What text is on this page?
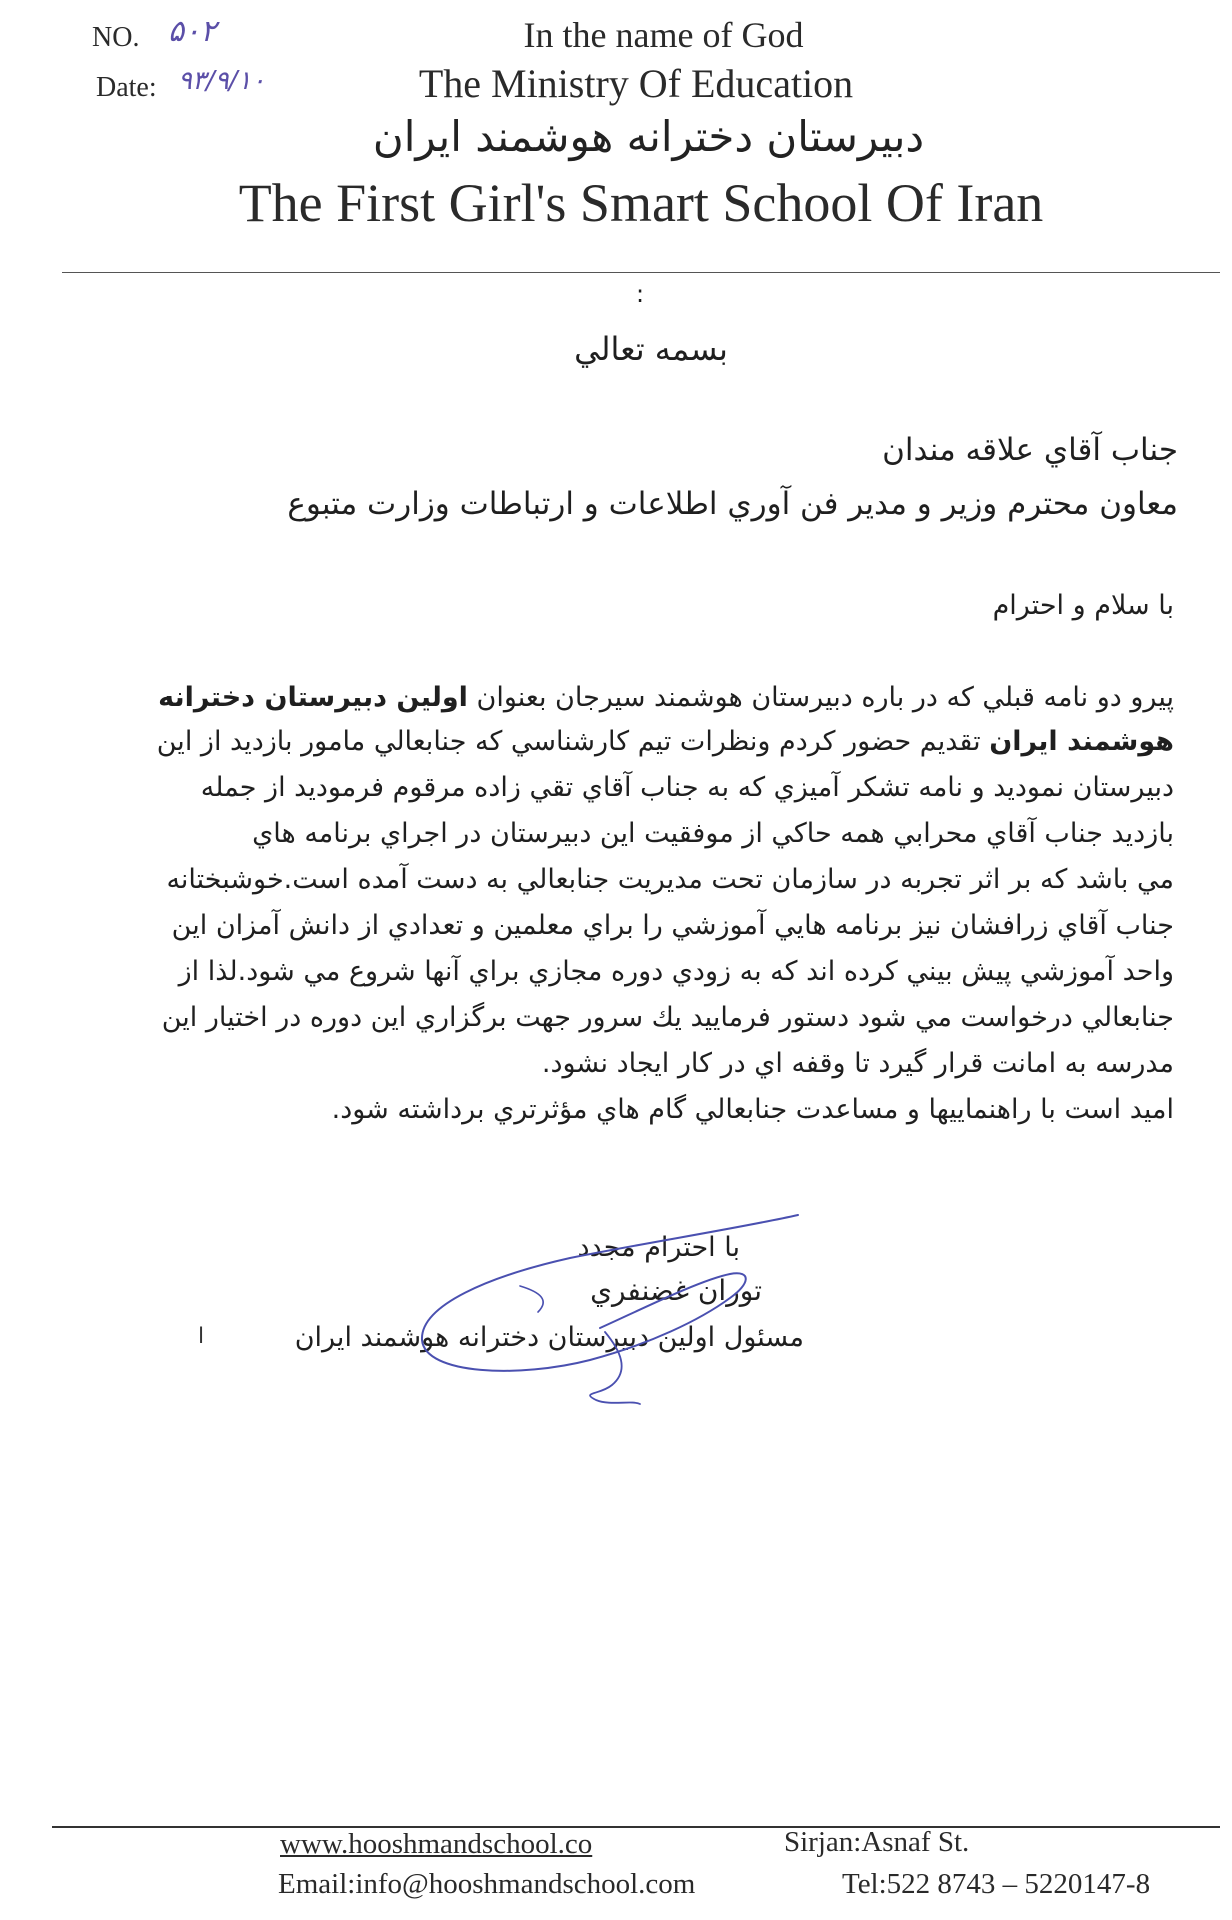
NO. ۵۰۲
Date: ۹۳/۹/۱۰
In the name of God
The Ministry Of Education
دبیرستان دخترانه هوشمند ایران
The First Girl's Smart School Of Iran
:
بسمه تعالي
جناب آقاي علاقه مندان
معاون محترم وزير و مدير فن آوري اطلاعات و ارتباطات وزارت متبوع
با سلام و احترام
پيرو دو نامه قبلي كه در باره دبيرستان هوشمند سيرجان بعنوان اولين دبيرستان دخترانه
هوشمند ايران تقديم حضور كردم ونظرات تيم كارشناسي كه جنابعالي مامور بازديد از اين
دبيرستان نموديد و نامه تشكر آميزي كه به جناب آقاي تقي زاده مرقوم فرموديد از جمله
بازديد جناب آقاي محرابي همه حاكي از موفقيت اين دبيرستان در اجراي برنامه هاي
مي باشد كه بر اثر تجربه در سازمان تحت مديريت جنابعالي به دست آمده است.خوشبختانه
جناب آقاي زرافشان نيز برنامه هايي آموزشي را براي معلمين و تعدادي از دانش آمزان اين
واحد آموزشي پيش بيني كرده اند كه به زودي دوره مجازي براي آنها شروع مي شود.لذا از
جنابعالي درخواست مي شود دستور فرماييد يك سرور جهت برگزاري اين دوره در اختيار اين
مدرسه به امانت قرار گيرد تا وقفه اي در كار ايجاد نشود.
اميد است با راهنماييها و مساعدت جنابعالي گام هاي مؤثرتري برداشته شود.
با احترام مجدد
توران غضنفري
مسئول اولين دبيرستان دخترانه هوشمند ايران
ا
www.hooshmandschool.co	Sirjan:Asnaf St.
Email:info@hooshmandschool.com	Tel:522 8743 – 5220147-8
